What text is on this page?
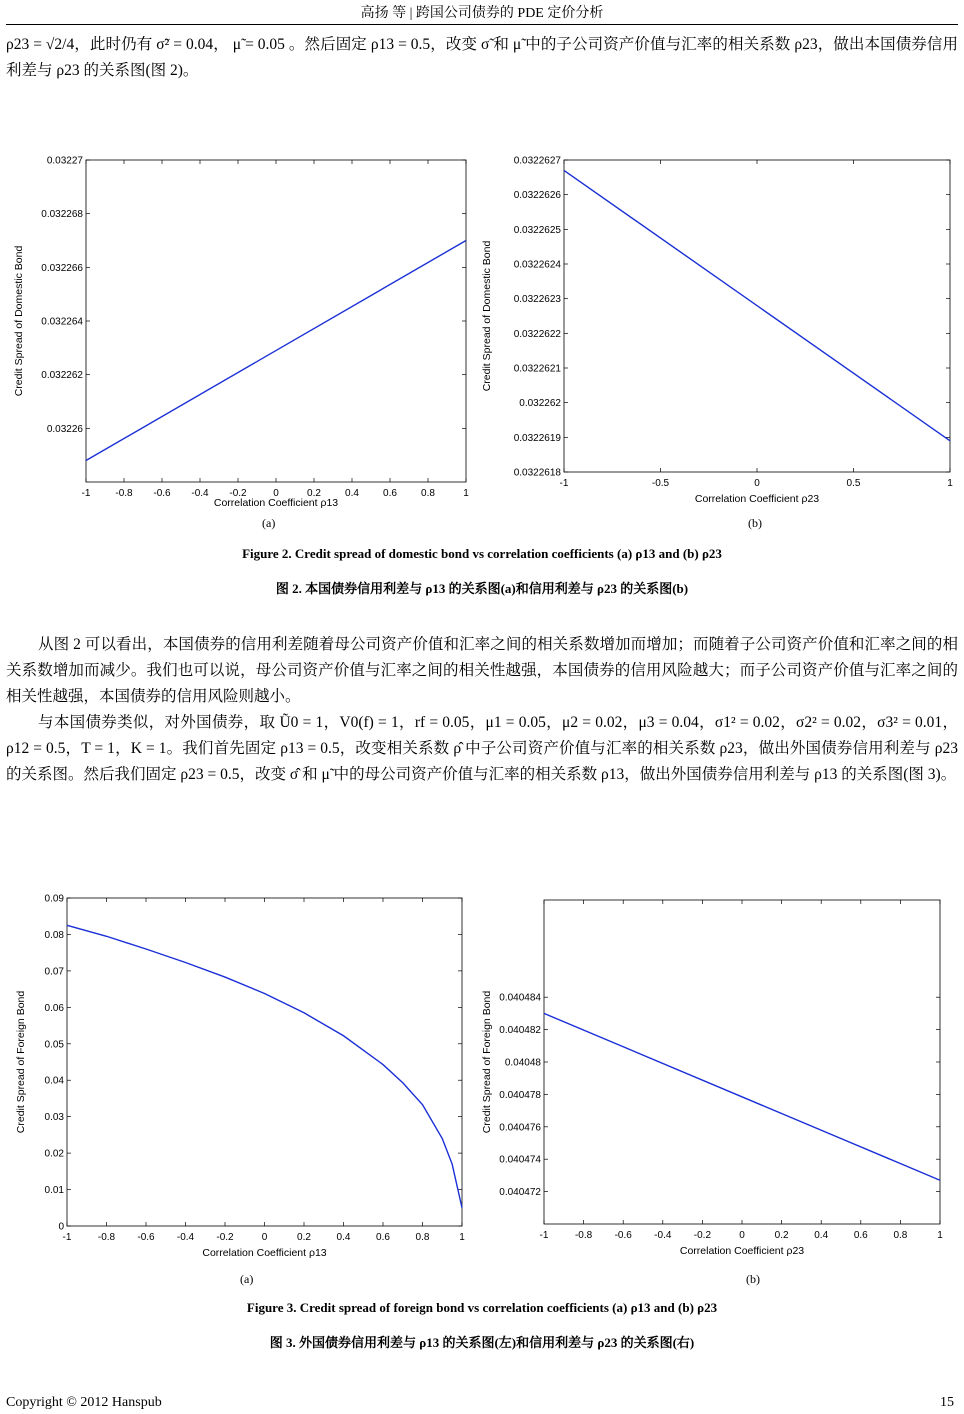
高扬 等 | 跨国公司债券的 PDE 定价分析
ρ23 = √2/4，此时仍有 σ̃² = 0.04， μ̃ = 0.05 。然后固定 ρ13 = 0.5，改变 σ̃ 和 μ̃ 中的子公司资产价值与汇率的相关系数 ρ23，做出本国债券信用利差与 ρ23 的关系图(图 2)。
-1 -0.8 -0.6 -0.4 -0.2	0	0.2 0.4 0.6 0.8	1
0.03226
0.032262
0.032264
0.032266
0.032268
0.03227
Correlation Coefficient ρ13
Credit Spread of Domestic Bond
-1	-0.5	0	0.5	1
0.0322618
0.0322619
0.032262
0.0322621
0.0322622
0.0322623
0.0322624
0.0322625
0.0322626
0.0322627
Correlation Coefficient ρ23
Credit Spread of Domestic Bond
(a)	(b)
Figure 2. Credit spread of domestic bond vs correlation coefficients (a) ρ13 and (b) ρ23
图 2. 本国债券信用利差与 ρ13 的关系图(a)和信用利差与 ρ23 的关系图(b)
从图 2 可以看出，本国债券的信用利差随着母公司资产价值和汇率之间的相关系数增加而增加；而随着子公司资产价值和汇率之间的相关系数增加而减少。我们也可以说，母公司资产价值与汇率之间的相关性越强，本国债券的信用风险越大；而子公司资产价值与汇率之间的相关性越强，本国债券的信用风险则越小。
与本国债券类似，对外国债券，取 Ũ0 = 1，V0(f) = 1，rf = 0.05，μ1 = 0.05，μ2 = 0.02，μ3 = 0.04，σ1² = 0.02，σ2² = 0.02，σ3² = 0.01，ρ12 = 0.5，T = 1，K = 1。我们首先固定 ρ13 = 0.5，改变相关系数 ρ̂ 中子公司资产价值与汇率的相关系数 ρ23，做出外国债券信用利差与 ρ23 的关系图。然后我们固定 ρ23 = 0.5，改变 σ̂ 和 μ̃ 中的母公司资产价值与汇率的相关系数 ρ13，做出外国债券信用利差与 ρ13 的关系图(图 3)。
-1	-0.8 -0.6 -0.4 -0.2	0	0.2	0.4	0.6	0.8	1
0
0.01
0.02
0.03
0.04
0.05
0.06
0.07
0.08
0.09
Correlation Coefficient ρ13
Credit Spread of Foreign Bond
-1	-0.8 -0.6 -0.4 -0.2	0	0.2	0.4	0.6	0.8	1
0.040472
0.040474
0.040476
0.040478
0.04048
0.040482
0.040484
Correlation Coefficient ρ23
Credit Spread of Foreign Bond
(a)	(b)
Figure 3. Credit spread of foreign bond vs correlation coefficients (a) ρ13 and (b) ρ23
图 3. 外国债券信用利差与 ρ13 的关系图(左)和信用利差与 ρ23 的关系图(右)
Copyright © 2012 Hanspub	15
